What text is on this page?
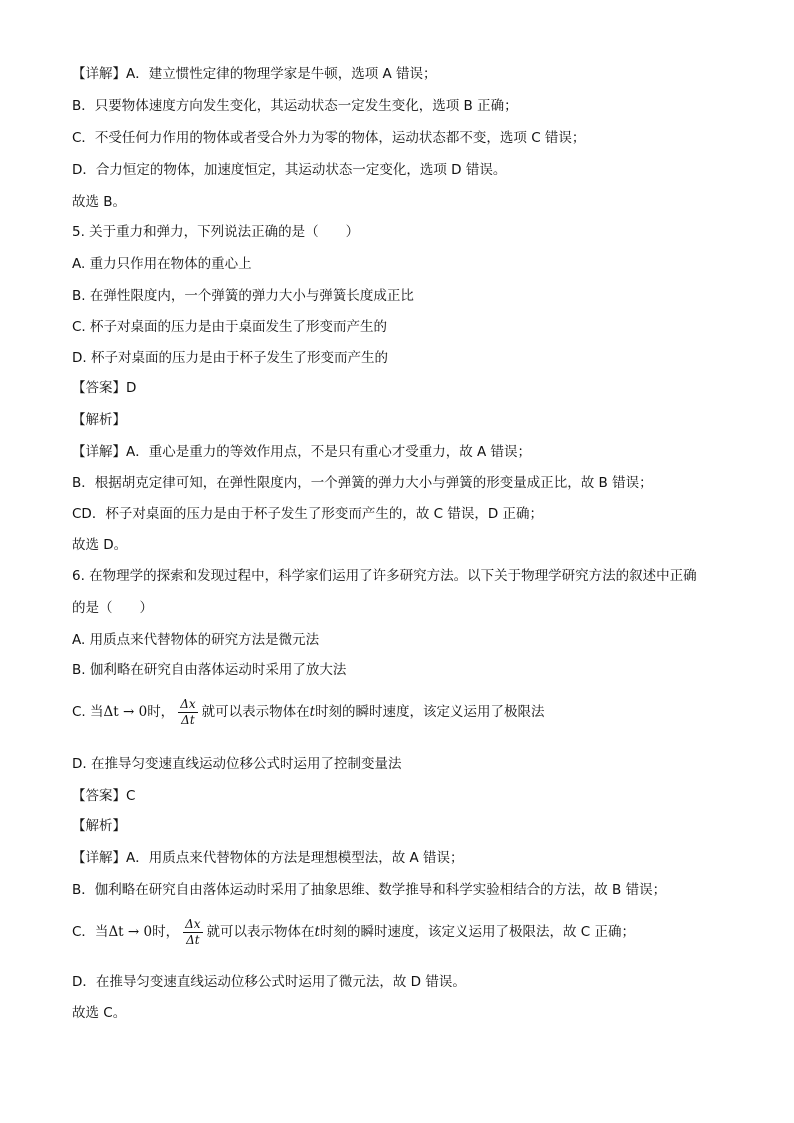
【详解】A．建立惯性定律的物理学家是牛顿，选项 A 错误；
B．只要物体速度方向发生变化，其运动状态一定发生变化，选项 B 正确；
C．不受任何力作用的物体或者受合外力为零的物体，运动状态都不变，选项 C 错误；
D．合力恒定的物体，加速度恒定，其运动状态一定变化，选项 D 错误。
故选 B。
5. 关于重力和弹力，下列说法正确的是（　　）
A. 重力只作用在物体的重心上
B. 在弹性限度内，一个弹簧的弹力大小与弹簧长度成正比
C. 杯子对桌面的压力是由于桌面发生了形变而产生的
D. 杯子对桌面的压力是由于杯子发生了形变而产生的
【答案】D
【解析】
【详解】A．重心是重力的等效作用点，不是只有重心才受重力，故 A 错误；
B．根据胡克定律可知，在弹性限度内，一个弹簧的弹力大小与弹簧的形变量成正比，故 B 错误；
CD．杯子对桌面的压力是由于杯子发生了形变而产生的，故 C 错误，D 正确；
故选 D。
6. 在物理学的探索和发现过程中，科学家们运用了许多研究方法。以下关于物理学研究方法的叙述中正确
的是（　　）
A. 用质点来代替物体的研究方法是微元法
B. 伽利略在研究自由落体运动时采用了放大法
C. 当Δt → 0时， $\frac{\Delta x}{\Delta t}$ 就可以表示物体在t时刻的瞬时速度，该定义运用了极限法
D. 在推导匀变速直线运动位移公式时运用了控制变量法
【答案】C
【解析】
【详解】A．用质点来代替物体的方法是理想模型法，故 A 错误；
B．伽利略在研究自由落体运动时采用了抽象思维、数学推导和科学实验相结合的方法，故 B 错误；
C．当Δt → 0时， $\frac{\Delta x}{\Delta t}$ 就可以表示物体在t时刻的瞬时速度，该定义运用了极限法，故 C 正确；
D．在推导匀变速直线运动位移公式时运用了微元法，故 D 错误。
故选 C。
